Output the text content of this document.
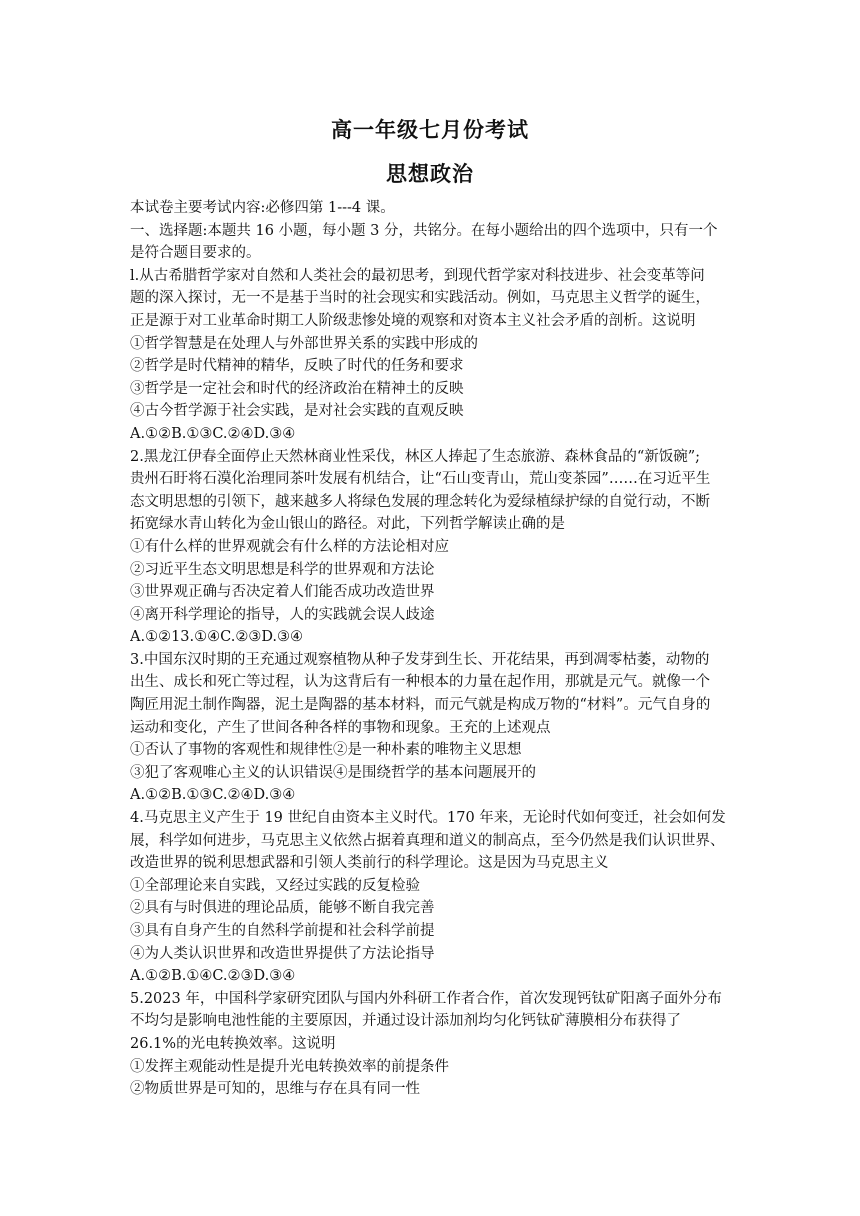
高一年级七月份考试
思想政治
本试卷主要考试内容:必修四第 1---4 课。
一、选择题:本题共 16 小题，每小题 3 分，共铭分。在每小题给出的四个选项中，只有一个
是符合题目要求的。
l.从古希腊哲学家对自然和人类社会的最初思考，到现代哲学家对科技进步、社会变革等问
题的深入探讨，无一不是基于当时的社会现实和实践活动。例如，马克思主义哲学的诞生，
正是源于对工业革命时期工人阶级悲惨处境的观察和对资本主义社会矛盾的剖析。这说明
①哲学智慧是在处理人与外部世界关系的实践中形成的
②哲学是时代精神的精华，反映了时代的任务和要求
③哲学是一定社会和时代的经济政治在精神土的反映
④古今哲学源于社会实践，是对社会实践的直观反映
A.①②B.①③C.②④D.③④
2.黑龙江伊春全面停止天然林商业性采伐，林区人捧起了生态旅游、森林食品的“新饭碗”;
贵州石盱将石漠化治理同茶叶发展有机结合，让“石山变青山，荒山变茶园”……在习近平生
态文明思想的引领下，越来越多人将绿色发展的理念转化为爱绿植绿护绿的自觉行动，不断
拓宽绿水青山转化为金山银山的路径。对此，下列哲学解读止确的是
①有什么样的世界观就会有什么样的方法论相对应
②习近平生态文明思想是科学的世界观和方法论
③世界观正确与否决定着人们能否成功改造世界
④离开科学理论的指导，人的实践就会误人歧途
A.①②13.①④C.②③D.③④
3.中国东汉时期的王充通过观察植物从种子发芽到生长、开花结果，再到凋零枯萎，动物的
出生、成长和死亡等过程，认为这背后有一种根本的力量在起作用，那就是元气。就像一个
陶匠用泥土制作陶器，泥土是陶器的基本材料，而元气就是构成万物的“材料”。元气自身的
运动和变化，产生了世间各种各样的事物和现象。王充的上述观点
①否认了事物的客观性和规律性②是一种朴素的唯物主义思想
③犯了客观唯心主义的认识错误④是围绕哲学的基本问题展开的
A.①②B.①③C.②④D.③④
4.马克思主义产生于 19 世纪自由资本主义时代。170 年来，无论时代如何变迁，社会如何发
展，科学如何进步，马克思主义依然占据着真理和道义的制高点，至今仍然是我们认识世界、
改造世界的锐利思想武器和引领人类前行的科学理论。这是因为马克思主义
①全部理论来自实践，又经过实践的反复检验
②具有与时俱进的理论品质，能够不断自我完善
③具有自身产生的自然科学前提和社会科学前提
④为人类认识世界和改造世界提供了方法论指导
A.①②B.①④C.②③D.③④
5.2023 年，中国科学家研究团队与国内外科研工作者合作，首次发现钙钛矿阳离子面外分布
不均匀是影响电池性能的主要原因，并通过设计添加剂均匀化钙钛矿薄膜相分布获得了
26.1%的光电转换效率。这说明
①发挥主观能动性是提升光电转换效率的前提条件
②物质世界是可知的，思维与存在具有同一性
